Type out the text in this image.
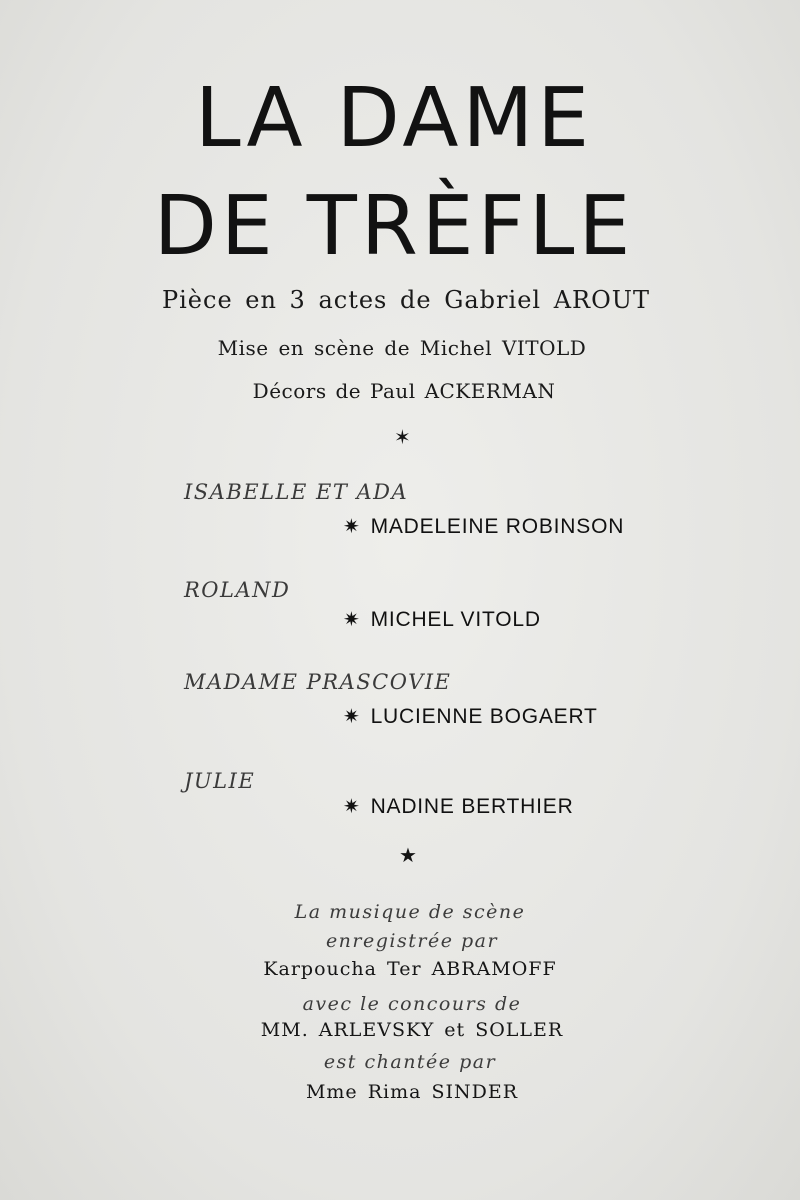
LA DAME
DE TRÈFLE
Pièce en 3 actes de Gabriel AROUT
Mise en scène de Michel VITOLD
Décors de Paul ACKERMAN
✶
ISABELLE ET ADA
✷ MADELEINE ROBINSON
ROLAND
✷ MICHEL VITOLD
MADAME PRASCOVIE
✷ LUCIENNE BOGAERT
JULIE
✷ NADINE BERTHIER
★
La musique de scène
enregistrée par
Karpoucha Ter ABRAMOFF
avec le concours de
MM. ARLEVSKY et SOLLER
est chantée par
Mme Rima SINDER
